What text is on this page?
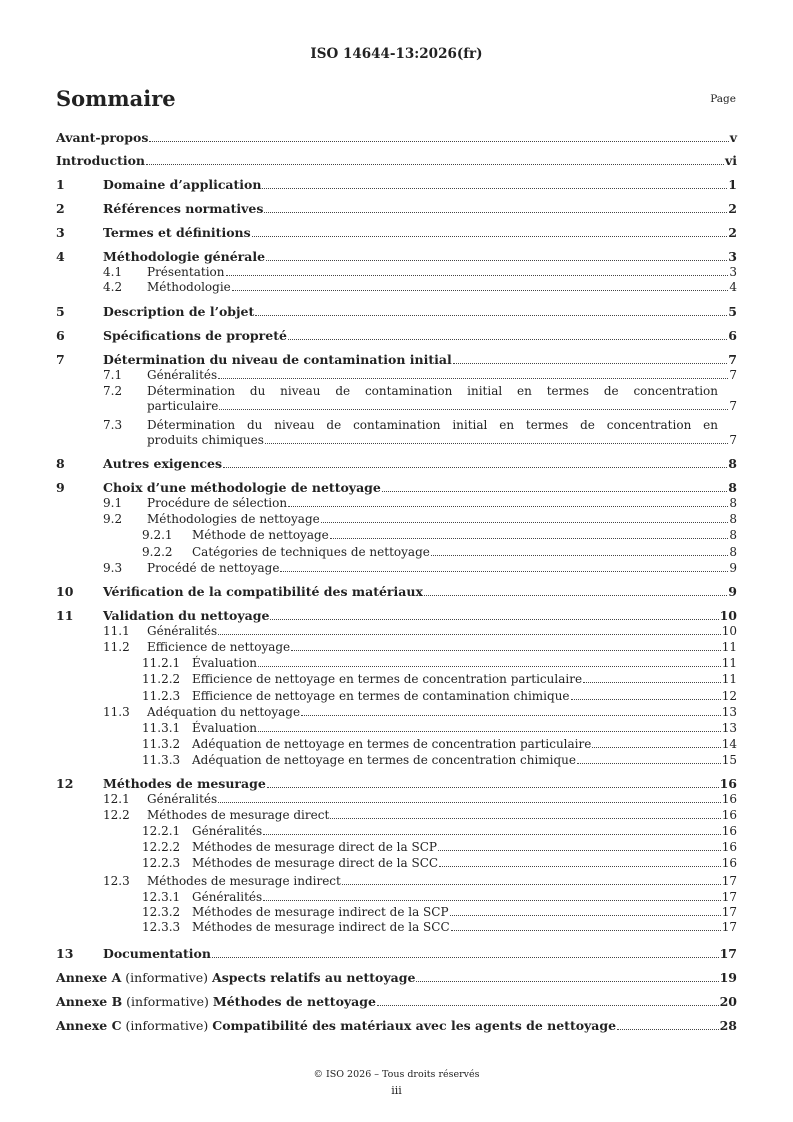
ISO 14644-13:2026(fr)
Sommaire	Page
Avant-propos	v
Introduction	vi
1	Domaine d’application	1
2	Références normatives	2
3	Termes et définitions	2
4	Méthodologie générale	3
4.1 Présentation	3
4.2 Méthodologie	4
5	Description de l’objet	5
6	Spécifications de propreté	6
7	Détermination du niveau de contamination initial	7
7.1 Généralités	7
7.2 Détermination du niveau de contamination initial en termes de concentration
particulaire	7
7.3 Détermination du niveau de contamination initial en termes de concentration en
produits chimiques	7
8	Autres exigences	8
9	Choix d’une méthodologie de nettoyage	8
9.1 Procédure de sélection	8
9.2 Méthodologies de nettoyage	8
9.2.1 Méthode de nettoyage	8
9.2.2 Catégories de techniques de nettoyage	8
9.3 Procédé de nettoyage	9
10 Vérification de la compatibilité des matériaux	9
11 Validation du nettoyage	10
11.1 Généralités	10
11.2 Efficience de nettoyage	11
11.2.1 Évaluation	11
11.2.2 Efficience de nettoyage en termes de concentration particulaire	11
11.2.3 Efficience de nettoyage en termes de contamination chimique	12
11.3 Adéquation du nettoyage	13
11.3.1 Évaluation	13
11.3.2 Adéquation de nettoyage en termes de concentration particulaire	14
11.3.3 Adéquation de nettoyage en termes de concentration chimique	15
12 Méthodes de mesurage	16
12.1 Généralités	16
12.2 Méthodes de mesurage direct	16
12.2.1 Généralités	16
12.2.2 Méthodes de mesurage direct de la SCP	16
12.2.3 Méthodes de mesurage direct de la SCC	16
12.3 Méthodes de mesurage indirect	17
12.3.1 Généralités	17
12.3.2 Méthodes de mesurage indirect de la SCP	17
12.3.3 Méthodes de mesurage indirect de la SCC	17
13 Documentation	17
Annexe A (informative) Aspects relatifs au nettoyage	19
Annexe B (informative) Méthodes de nettoyage	20
Annexe C (informative) Compatibilité des matériaux avec les agents de nettoyage	28
© ISO 2026 – Tous droits réservés
iii
